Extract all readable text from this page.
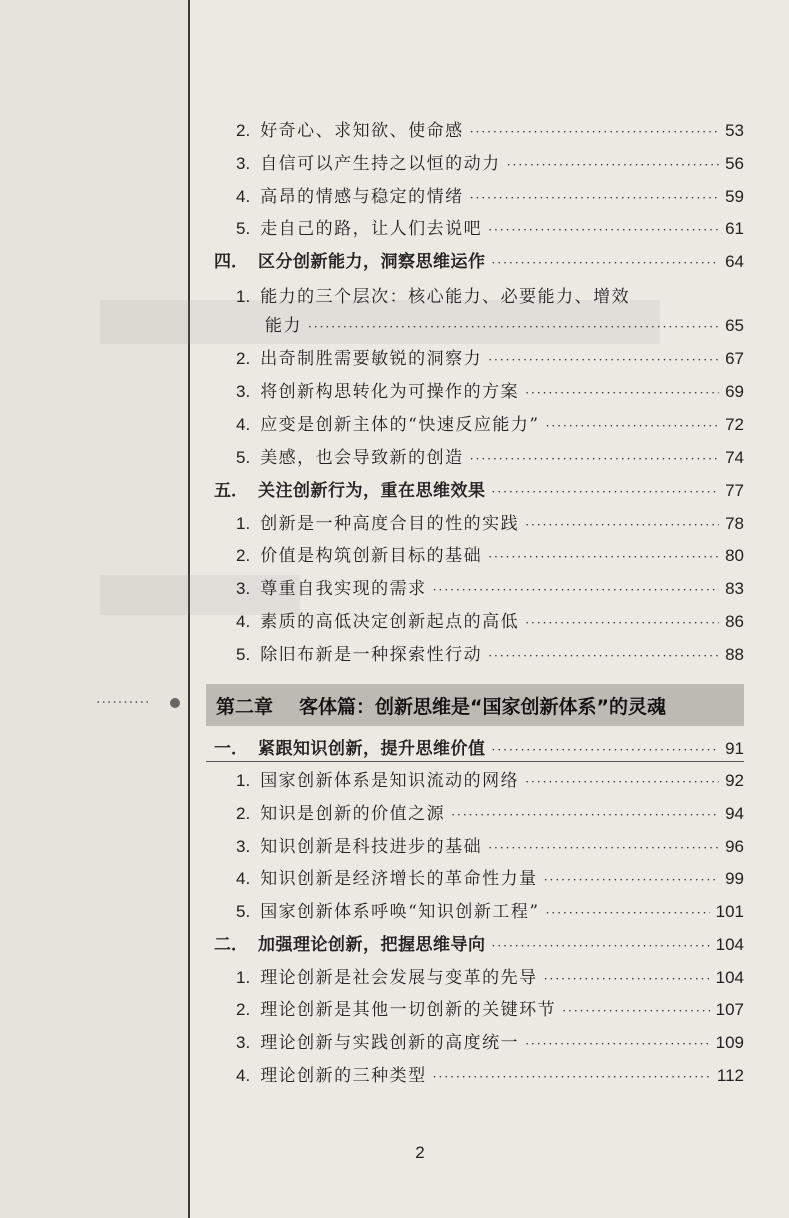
2. 好奇心、求知欲、使命感 ·····	53
3. 自信可以产生持之以恒的动力 ·····	56
4. 高昂的情感与稳定的情绪 ·····	59
5. 走自己的路，让人们去说吧 ·····	61
四． 区分创新能力，洞察思维运作 ·····	64
1. 能力的三个层次：核心能力、必要能力、增效
能力 ·····	65
2. 出奇制胜需要敏锐的洞察力 ·····	67
3. 将创新构思转化为可操作的方案 ·····	69
4. 应变是创新主体的“快速反应能力” ·····	72
5. 美感，也会导致新的创造 ·····	74
五． 关注创新行为，重在思维效果 ·····	77
1. 创新是一种高度合目的性的实践 ·····	78
2. 价值是构筑创新目标的基础 ·····	80
3. 尊重自我实现的需求 ·····	83
4. 素质的高低决定创新起点的高低 ·····	86
5. 除旧布新是一种探索性行动 ·····	88
··········	第二章 客体篇：创新思维是“国家创新体系”的灵魂
一． 紧跟知识创新，提升思维价值 ·····	91
1. 国家创新体系是知识流动的网络 ·····	92
2. 知识是创新的价值之源 ·····	94
3. 知识创新是科技进步的基础 ·····	96
4. 知识创新是经济增长的革命性力量 ·····	99
5. 国家创新体系呼唤“知识创新工程” ·····	101
二． 加强理论创新，把握思维导向 ·····	104
1. 理论创新是社会发展与变革的先导 ·····	104
2. 理论创新是其他一切创新的关键环节 ·····	107
3. 理论创新与实践创新的高度统一 ·····	109
4. 理论创新的三种类型 ·····	112
2
